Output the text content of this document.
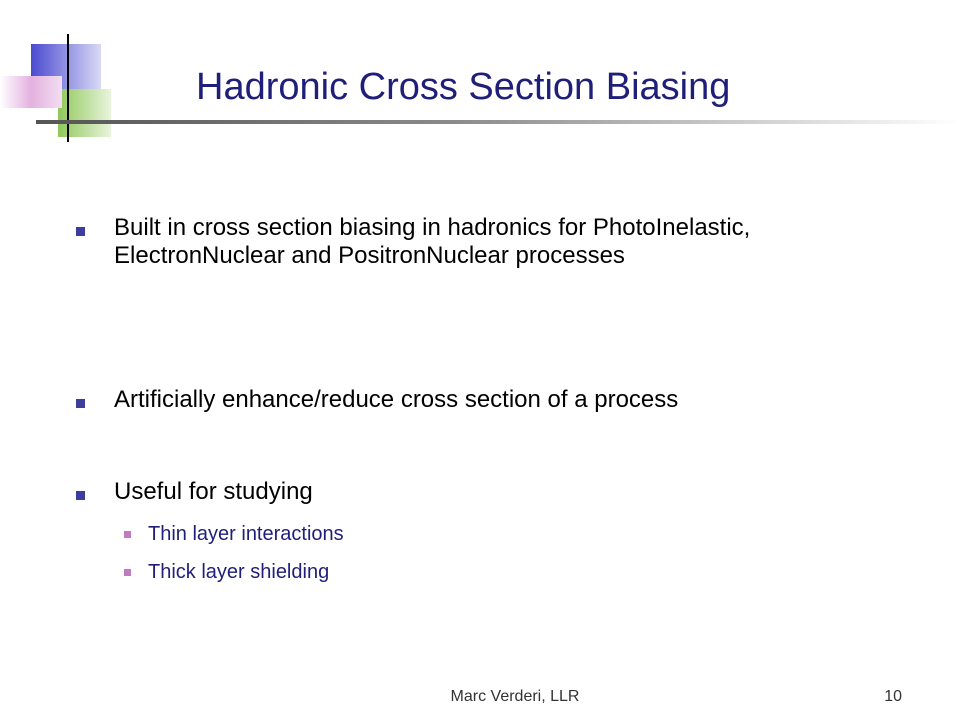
Hadronic Cross Section Biasing
Built in cross section biasing in hadronics for PhotoInelastic, ElectronNuclear and PositronNuclear processes
Artificially enhance/reduce cross section of a process
Useful for studying
Thin layer interactions
Thick layer shielding
Marc Verderi, LLR	10
